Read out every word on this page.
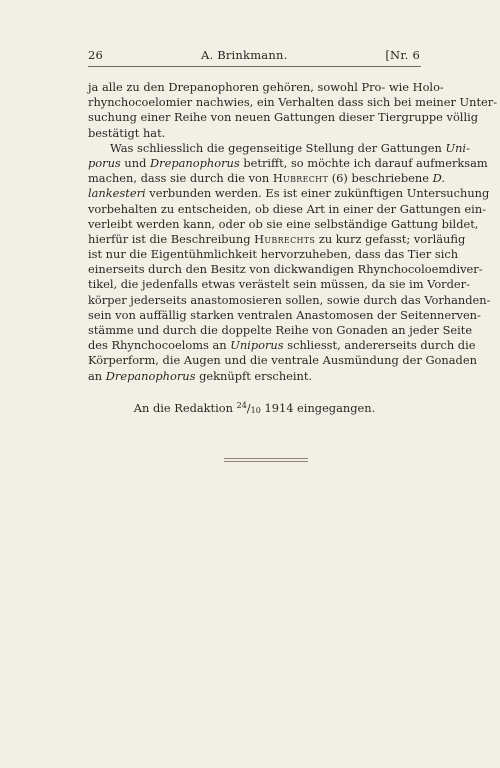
26	A. Brinkmann.	[Nr. 6
ja alle zu den Drepanophoren gehören, sowohl Pro- wie Holo-
rhynchocoelomier nachwies, ein Verhalten dass sich bei meiner Unter-
suchung einer Reihe von neuen Gattungen dieser Tiergruppe völlig
bestätigt hat.
Was schliesslich die gegenseitige Stellung der Gattungen Uni-
porus und Drepanophorus betrifft, so möchte ich darauf aufmerksam
machen, dass sie durch die von Hubrecht (6) beschriebene D.
lankesteri verbunden werden. Es ist einer zukünftigen Untersuchung
vorbehalten zu entscheiden, ob diese Art in einer der Gattungen ein-
verleibt werden kann, oder ob sie eine selbständige Gattung bildet,
hierfür ist die Beschreibung Hubrechts zu kurz gefasst; vorläufig
ist nur die Eigentühmlichkeit hervorzuheben, dass das Tier sich
einerseits durch den Besitz von dickwandigen Rhynchocoloemdiver-
tikel, die jedenfalls etwas verästelt sein müssen, da sie im Vorder-
körper jederseits anastomosieren sollen, sowie durch das Vorhanden-
sein von auffällig starken ventralen Anastomosen der Seitennerven-
stämme und durch die doppelte Reihe von Gonaden an jeder Seite
des Rhynchocoeloms an Uniporus schliesst, andererseits durch die
Körperform, die Augen und die ventrale Ausmündung der Gonaden
an Drepanophorus geknüpft erscheint.
An die Redaktion $^{24}/_{10}$ 1914 eingegangen.
